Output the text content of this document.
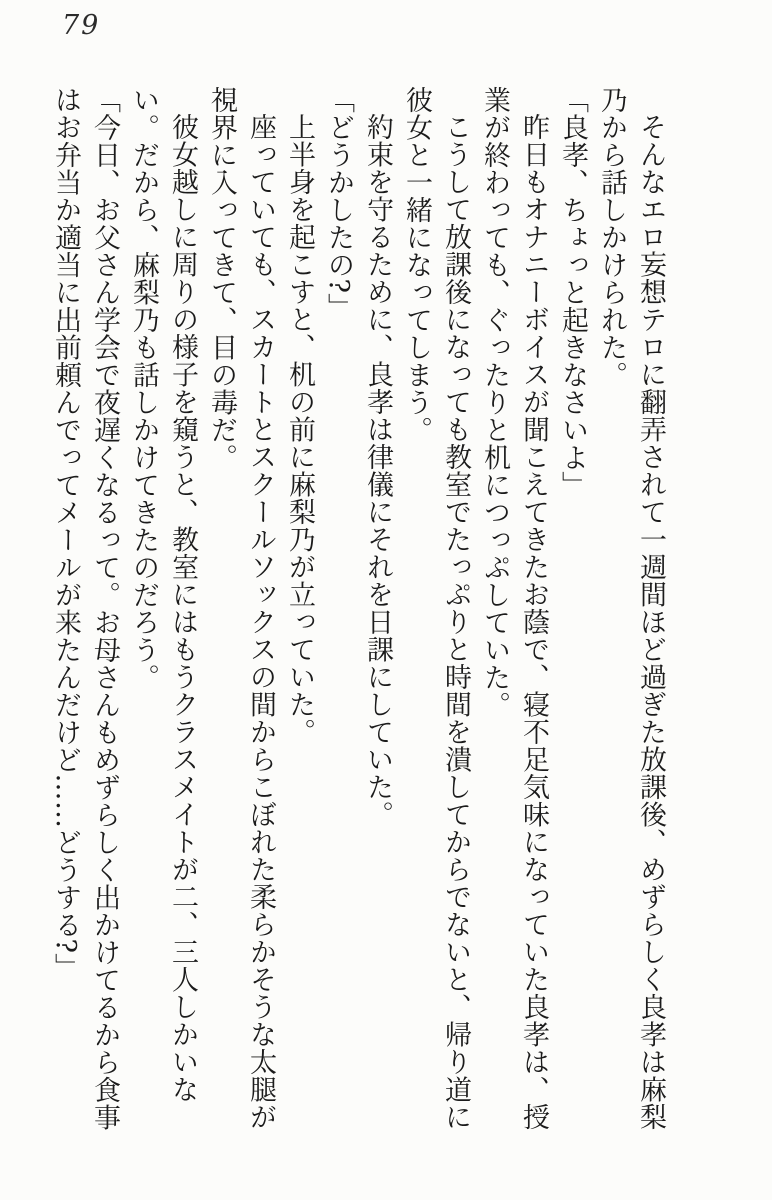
79

そんなエロ妄想テロに翻弄されて一週間ほど過ぎた放課後、めずらしく良孝は麻梨乃から話しかけられた。

「良孝、ちょっと起きなさいよ」

昨日もオナニーボイスが聞こえてきたお蔭で、寝不足気味になっていた良孝は、授業が終わっても、ぐったりと机につっぷしていた。

こうして放課後になっても教室でたっぷりと時間を潰してからでないと、帰り道に彼女と一緒になってしまう。

約束を守るために、良孝は律儀にそれを日課にしていた。

「どうかしたの?」

上半身を起こすと、机の前に麻梨乃が立っていた。

座っていても、スカートとスクールソックスの間からこぼれた柔らかそうな太腿が視界に入ってきて、目の毒だ。

彼女越しに周りの様子を窺うと、教室にはもうクラスメイトが二、三人しかいない。だから、麻梨乃も話しかけてきたのだろう。

「今日、お父さん学会で夜遅くなるって。お母さんもめずらしく出かけてるから食事はお弁当か適当に出前頼んでってメールが来たんだけど……どうする?」
